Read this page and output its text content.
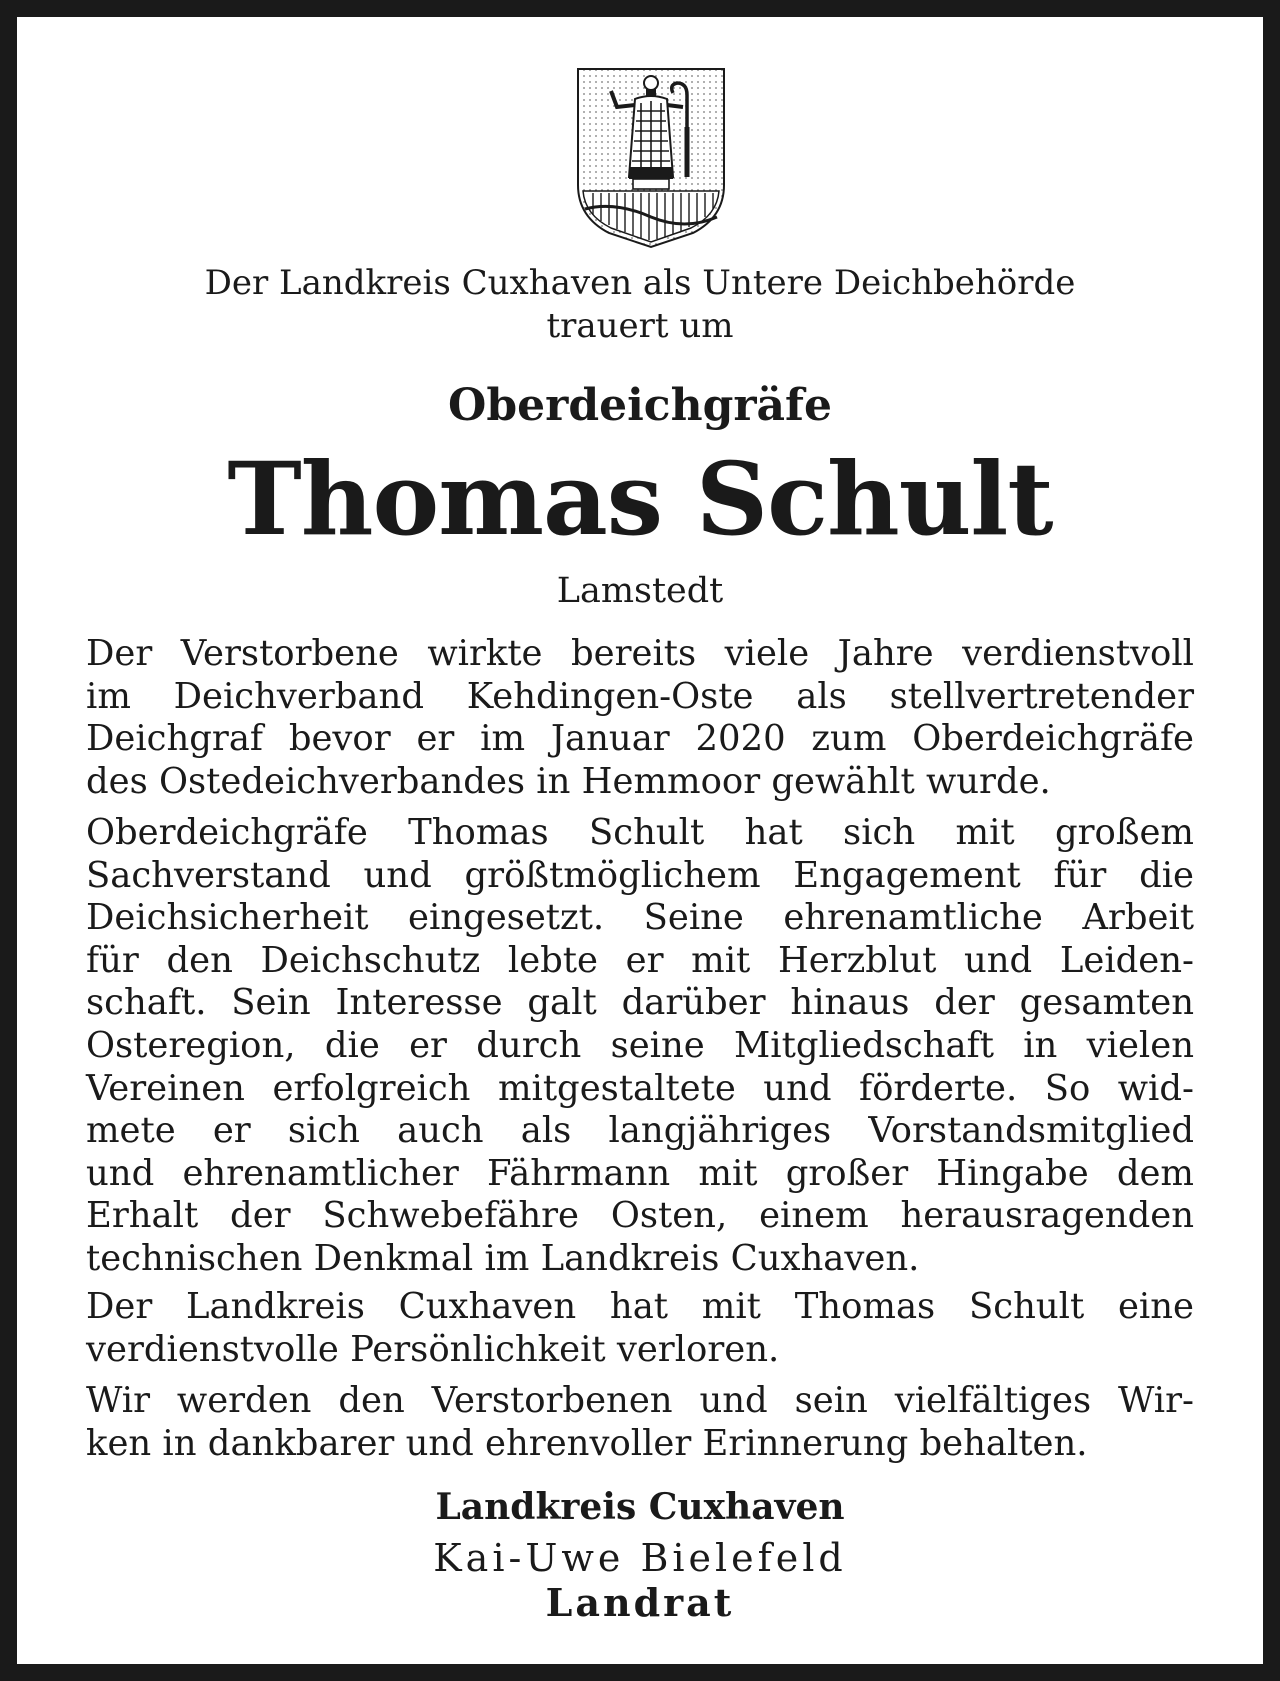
Der Landkreis Cuxhaven als Untere Deichbehörde
trauert um
Oberdeichgräfe
Thomas Schult
Lamstedt
Der Verstorbene wirkte bereits viele Jahre verdienstvoll
im Deichverband Kehdingen-Oste als stellvertretender
Deichgraf bevor er im Januar 2020 zum Oberdeichgräfe
des Ostedeichverbandes in Hemmoor gewählt wurde.
Oberdeichgräfe Thomas Schult hat sich mit großem
Sachverstand und größtmöglichem Engagement für die
Deichsicherheit eingesetzt. Seine ehrenamtliche Arbeit
für den Deichschutz lebte er mit Herzblut und Leiden-
schaft. Sein Interesse galt darüber hinaus der gesamten
Osteregion, die er durch seine Mitgliedschaft in vielen
Vereinen erfolgreich mitgestaltete und förderte. So wid-
mete er sich auch als langjähriges Vorstandsmitglied
und ehrenamtlicher Fährmann mit großer Hingabe dem
Erhalt der Schwebefähre Osten, einem herausragenden
technischen Denkmal im Landkreis Cuxhaven.
Der Landkreis Cuxhaven hat mit Thomas Schult eine
verdienstvolle Persönlichkeit verloren.
Wir werden den Verstorbenen und sein vielfältiges Wir-
ken in dankbarer und ehrenvoller Erinnerung behalten.
Landkreis Cuxhaven
Kai-Uwe Bielefeld
Landrat
